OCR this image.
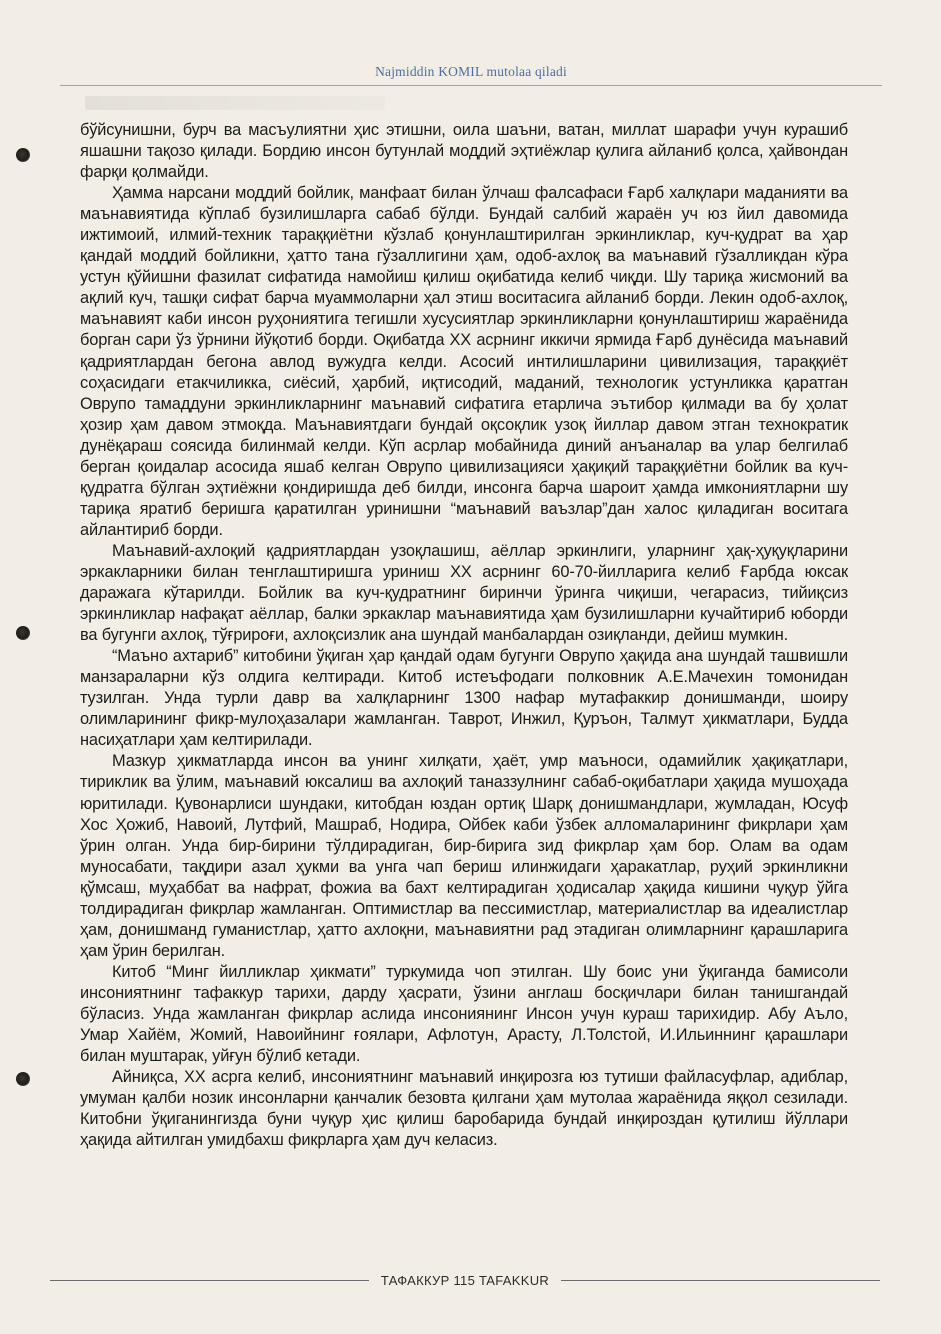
Najmiddin KOMIL mutolaa qiladi

бўйсунишни, бурч ва масъулиятни ҳис этишни, оила шаъни, ватан, миллат шарафи учун курашиб яшашни тақозо қилади. Бордию инсон бутунлай моддий эҳтиёжлар қулига айланиб қолса, ҳайвондан фарқи қолмайди.

Ҳамма нарсани моддий бойлик, манфаат билан ўлчаш фалсафаси Ғарб халқлари маданияти ва маънавиятида кўплаб бузилишларга сабаб бўлди. Бундай салбий жараён уч юз йил давомида ижтимоий, илмий-техник тараққиётни кўзлаб қонунлаштирилган эркинликлар, куч-қудрат ва ҳар қандай моддий бойликни, ҳатто тана гўзаллигини ҳам, одоб-ахлоқ ва маънавий гўзалликдан кўра устун қўйишни фазилат сифатида намойиш қилиш оқибатида келиб чиқди. Шу тариқа жисмоний ва ақлий куч, ташқи сифат барча муаммоларни ҳал этиш воситасига айланиб борди. Лекин одоб-ахлоқ, маънавият каби инсон руҳониятига тегишли хусусиятлар эркинликларни қонунлаштириш жараёнида борган сари ўз ўрнини йўқотиб борди. Оқибатда ХХ асрнинг иккичи ярмида Ғарб дунёсида маънавий қадриятлардан бегона авлод вужудга келди. Асосий интилишларини цивилизация, тараққиёт соҳасидаги етакчиликка, сиёсий, ҳарбий, иқтисодий, маданий, технологик устунликка қаратган Оврупо тамаддуни эркинликларнинг маънавий сифатига етарлича эътибор қилмади ва бу ҳолат ҳозир ҳам давом этмоқда. Маънавиятдаги бундай оқсоқлик узоқ йиллар давом этган технократик дунёқараш соясида билинмай келди. Кўп асрлар мобайнида диний анъаналар ва улар белгилаб берган қоидалар асосида яшаб келган Оврупо цивилизацияси ҳақиқий тараққиётни бойлик ва куч-қудратга бўлган эҳтиёжни қондиришда деб билди, инсонга барча шароит ҳамда имкониятларни шу тариқа яратиб беришга қаратилган уринишни “маънавий ваъзлар”дан халос қиладиган воситага айлантириб борди.

Маънавий-ахлоқий қадриятлардан узоқлашиш, аёллар эркинлиги, уларнинг ҳақ-ҳуқуқларини эркакларники билан тенглаштиришга уриниш ХХ асрнинг 60-70-йилларига келиб Ғарбда юксак даражага кўтарилди. Бойлик ва куч-қудратнинг биринчи ўринга чиқиши, чегарасиз, тийиқсиз эркинликлар нафақат аёллар, балки эркаклар маънавиятида ҳам бузилишларни кучайтириб юборди ва бугунги ахлоқ, тўғрироғи, ахлоқсизлик ана шундай манбалардан озиқланди, дейиш мумкин.

“Маъно ахтариб” китобини ўқиган ҳар қандай одам бугунги Оврупо ҳақида ана шундай ташвишли манзараларни кўз олдига келтиради. Китоб истеъфодаги полковник А.Е.Мачехин томонидан тузилган. Унда турли давр ва халқларнинг 1300 нафар мутафаккир донишманди, шоиру олимларининг фикр-мулоҳазалари жамланган. Таврот, Инжил, Қуръон, Талмут ҳикматлари, Будда насиҳатлари ҳам келтирилади.

Мазкур ҳикматларда инсон ва унинг хилқати, ҳаёт, умр маъноси, одамийлик ҳақиқатлари, тириклик ва ўлим, маънавий юксалиш ва ахлоқий таназзулнинг сабаб-оқибатлари ҳақида мушоҳада юритилади. Қувонарлиси шундаки, китобдан юздан ортиқ Шарқ донишмандлари, жумладан, Юсуф Хос Ҳожиб, Навоий, Лутфий, Машраб, Нодира, Ойбек каби ўзбек алломаларининг фикрлари ҳам ўрин олган. Унда бир-бирини тўлдирадиган, бир-бирига зид фикрлар ҳам бор. Олам ва одам муносабати, тақдири азал ҳукми ва унга чап бериш илинжидаги ҳаракатлар, руҳий эркинликни қўмсаш, муҳаббат ва нафрат, фожиа ва бахт келтирадиган ҳодисалар ҳақида кишини чуқур ўйга толдирадиган фикрлар жамланган. Оптимистлар ва пессимистлар, материалистлар ва идеалистлар ҳам, донишманд гуманистлар, ҳатто ахлоқни, маънавиятни рад этадиган олимларнинг қарашларига ҳам ўрин берилган.

Китоб “Минг йилликлар ҳикмати” туркумида чоп этилган. Шу боис уни ўқиганда бамисоли инсониятнинг тафаккур тарихи, дарду ҳасрати, ўзини англаш босқичлари билан танишгандай бўласиз. Унда жамланган фикрлар аслида инсониянинг Инсон учун кураш тарихидир. Абу Аъло, Умар Хайём, Жомий, Навоийнинг ғоялари, Афлотун, Арасту, Л.Толстой, И.Ильиннинг қарашлари билан муштарак, уйғун бўлиб кетади.

Айниқса, ХХ асрга келиб, инсониятнинг маънавий инқирозга юз тутиши файласуфлар, адиблар, умуман қалби нозик инсонларни қанчалик безовта қилгани ҳам мутолаа жараёнида яққол сезилади. Китобни ўқиганингизда буни чуқур ҳис қилиш баробарида бундай инқироздан қутилиш йўллари ҳақида айтилган умидбахш фикрларга ҳам дуч келасиз.

ТАФАККУР 115 TAFAKKUR
